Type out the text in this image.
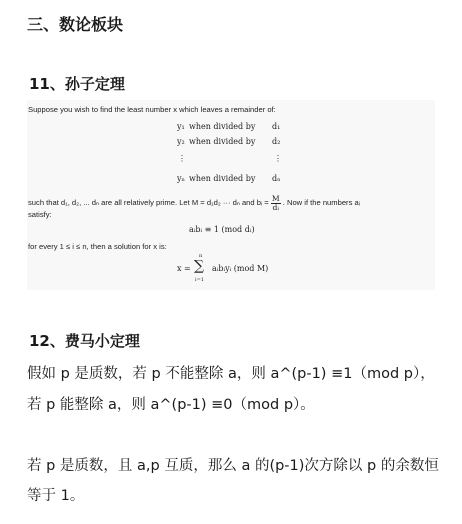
三、数论板块
11、孙子定理
Suppose you wish to find the least number x which leaves a remainder of:
y₁ when divided by d₁
y₂ when divided by d₂
⋮	⋮
yₙ when divided by dₙ
such that d₁, d₂, ... dₙ are all relatively prime. Let M = d₁d₂ ··· dₙ and bᵢ = $\frac{M}{\text{dᵢ}}$ . Now if the numbers aᵢ
satisfy:
aᵢbᵢ ≡ 1 (mod dᵢ)
for every 1 ≤ i ≤ n, then a solution for x is:
x =
n
∑
i=1
aᵢbᵢyᵢ (mod M)
12、费马小定理
假如 p 是质数，若 p 不能整除 a，则 a^(p-1) ≡1（mod p），
若 p 能整除 a，则 a^(p-1) ≡0（mod p）。
若 p 是质数，且 a,p 互质，那么 a 的(p-1)次方除以 p 的余数恒
等于 1。
